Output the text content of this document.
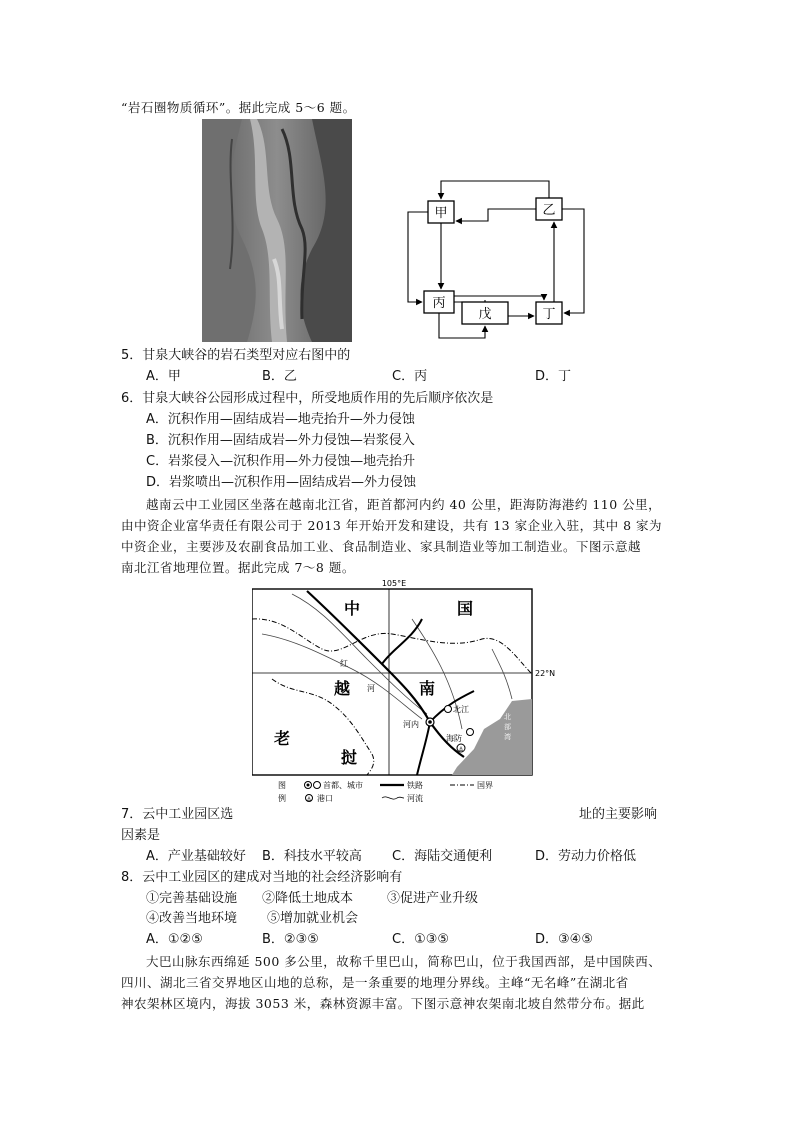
“岩石圈物质循环”。据此完成 5～6 题。
甲	乙
丙
戊	丁
5．甘泉大峡谷的岩石类型对应右图中的
A．甲	B．乙	C．丙	D．丁
6．甘泉大峡谷公园形成过程中，所受地质作用的先后顺序依次是
A．沉积作用—固结成岩—地壳抬升—外力侵蚀
B．沉积作用—固结成岩—外力侵蚀—岩浆侵入
C．岩浆侵入—沉积作用—外力侵蚀—地壳抬升
D．岩浆喷出—沉积作用—固结成岩—外力侵蚀
越南云中工业园区坐落在越南北江省，距首都河内约 40 公里，距海防海港约 110 公里，
由中资企业富华责任有限公司于 2013 年开始开发和建设，共有 13 家企业入驻，其中 8 家为
中资企业，主要涉及农副食品加工业、食品制造业、家具制造业等加工制造业。下图示意越
南北江省地理位置。据此完成 7～8 题。
105°E
22°N
中	国
越	南
老
挝
红
河
北江
河内
海防
⚓
北
部
湾
图
例
首都、城市	铁路	国界
⚓ 港口	河流
7．云中工业园区选	址的主要影响
因素是
A．产业基础较好 B．科技水平较高 C．海陆交通便利	D．劳动力价格低
8．云中工业园区的建成对当地的社会经济影响有
①完善基础设施 ②降低土地成本	③促进产业升级
④改善当地环境 ⑤增加就业机会
A．①②⑤	B．②③⑤	C．①③⑤	D．③④⑤
大巴山脉东西绵延 500 多公里，故称千里巴山，简称巴山，位于我国西部，是中国陕西、
四川、湖北三省交界地区山地的总称，是一条重要的地理分界线。主峰“无名峰”在湖北省
神农架林区境内，海拔 3053 米，森林资源丰富。下图示意神农架南北坡自然带分布。据此
